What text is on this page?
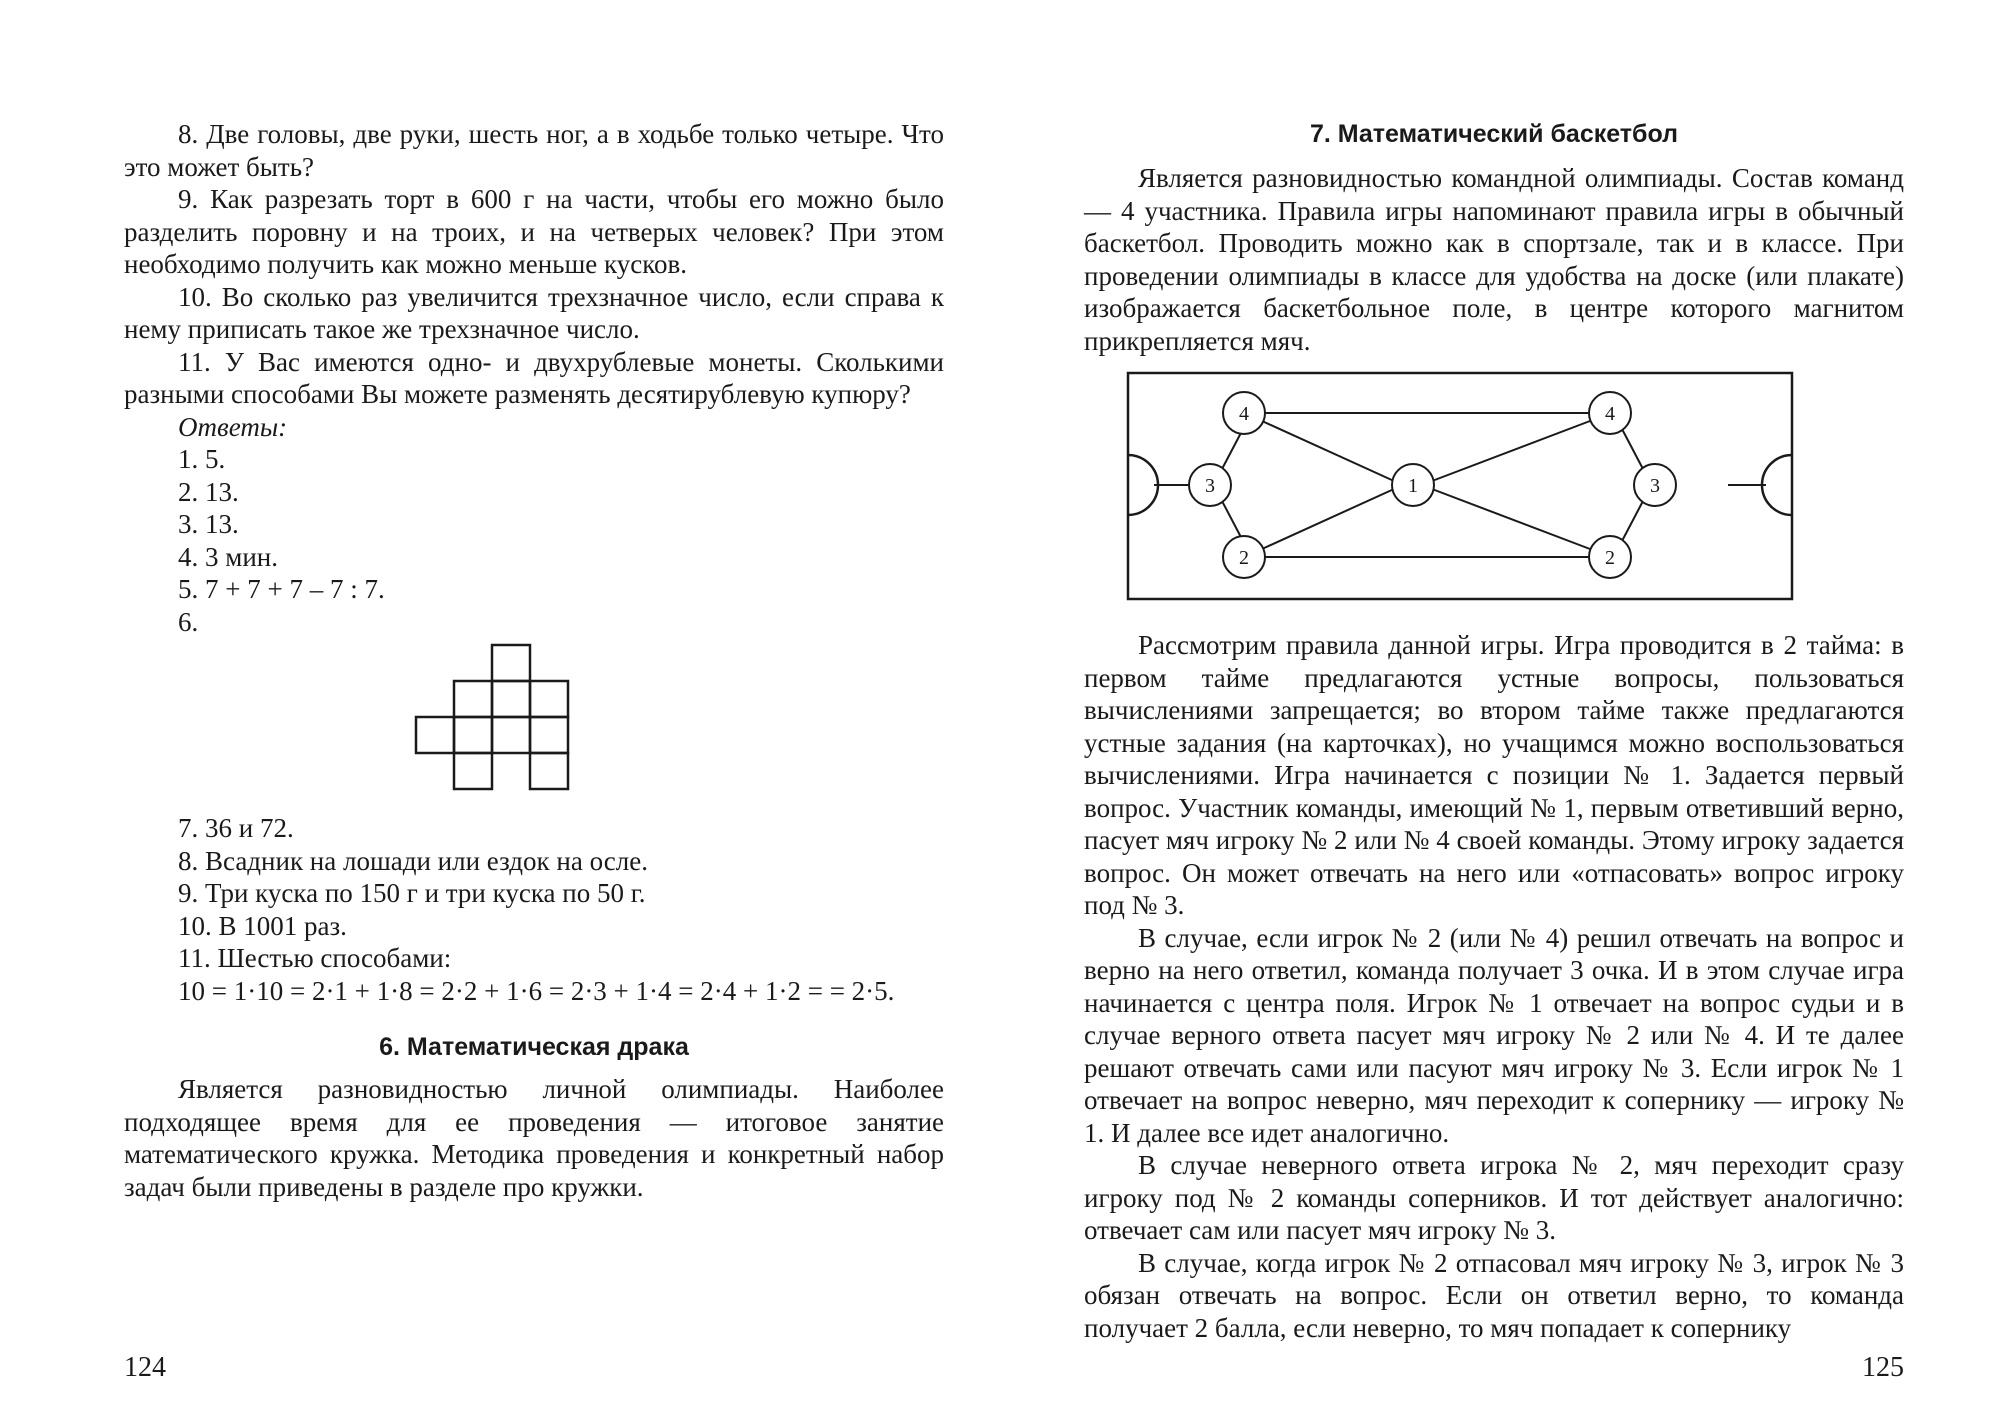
8. Две головы, две руки, шесть ног, а в ходьбе только четыре. Что это может быть?

9. Как разрезать торт в 600 г на части, чтобы его можно было разделить поровну и на троих, и на четверых человек? При этом необходимо получить как можно меньше кусков.

10. Во сколько раз увеличится трехзначное число, если справа к нему приписать такое же трехзначное число.

11. У Вас имеются одно- и двухрублевые монеты. Сколькими разными способами Вы можете разменять десятирублевую купюру?

Ответы:

1. 5.

2. 13.

3. 13.

4. 3 мин.

5. 7 + 7 + 7 – 7 : 7.

6.

7. 36 и 72.

8. Всадник на лошади или ездок на осле.

9. Три куска по 150 г и три куска по 50 г.

10. В 1001 раз.

11. Шестью способами:

10 = 1·10 = 2·1 + 1·8 = 2·2 + 1·6 = 2·3 + 1·4 = 2·4 + 1·2 = = 2·5.

6. Математическая драка

Является разновидностью личной олимпиады. Наиболее подходящее время для ее проведения — итоговое занятие математического кружка. Методика проведения и конкретный набор задач были приведены в разделе про кружки.

124
7. Математический баскетбол

Является разновидностью командной олимпиады. Состав команд — 4 участника. Правила игры напоминают правила игры в обычный баскетбол. Проводить можно как в спортзале, так и в классе. При проведении олимпиады в классе для удобства на доске (или плакате) изображается баскетбольное поле, в центре которого магнитом прикрепляется мяч.

4
3
2
1
4
3
2

Рассмотрим правила данной игры. Игра проводится в 2 тайма: в первом тайме предлагаются устные вопросы, пользоваться вычислениями запрещается; во втором тайме также предлагаются устные задания (на карточках), но учащимся можно воспользоваться вычислениями. Игра начинается с позиции № 1. Задается первый вопрос. Участник команды, имеющий № 1, первым ответивший верно, пасует мяч игроку № 2 или № 4 своей команды. Этому игроку задается вопрос. Он может отвечать на него или «отпасовать» вопрос игроку под № 3.

В случае, если игрок № 2 (или № 4) решил отвечать на вопрос и верно на него ответил, команда получает 3 очка. И в этом случае игра начинается с центра поля. Игрок № 1 отвечает на вопрос судьи и в случае верного ответа пасует мяч игроку № 2 или № 4. И те далее решают отвечать сами или пасуют мяч игроку № 3. Если игрок № 1 отвечает на вопрос неверно, мяч переходит к сопернику — игроку № 1. И далее все идет аналогично.

В случае неверного ответа игрока № 2, мяч переходит сразу игроку под № 2 команды соперников. И тот действует аналогично: отвечает сам или пасует мяч игроку № 3.

В случае, когда игрок № 2 отпасовал мяч игроку № 3, игрок № 3 обязан отвечать на вопрос. Если он ответил верно, то команда получает 2 балла, если неверно, то мяч попадает к сопернику

125
